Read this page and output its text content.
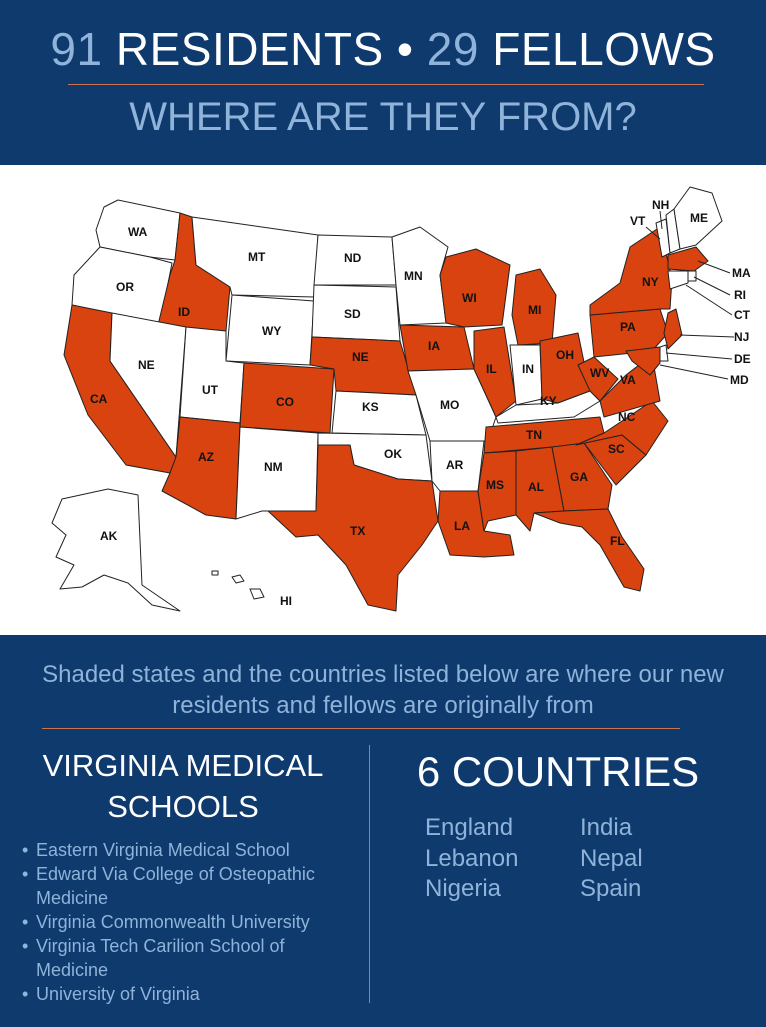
91 RESIDENTS • 29 FELLOWS
WHERE ARE THEY FROM?
WA
OR
CA
ID
NE
MT
WY
UT
AZ
CO
NM
ND
SD
NE
KS
OK
TX
MN
IA
MO
AR
LA
WI
IL
MI
IN
OH
KY
TN
MS AL
GA
FL
SC
NC
VA
WV
PA
NY
VT
NH
ME
MA
RI
CT
NJ
DE
MD
AK
HI
Shaded states and the countries listed below are where our new residents and fellows are originally from
VIRGINIA MEDICAL SCHOOLS
• Eastern Virginia Medical School
• Edward Via College of Osteopathic Medicine
• Virginia Commonwealth University
• Virginia Tech Carilion School of Medicine
• University of Virginia
6 COUNTRIES
England
Lebanon
Nigeria
India
Nepal
Spain
